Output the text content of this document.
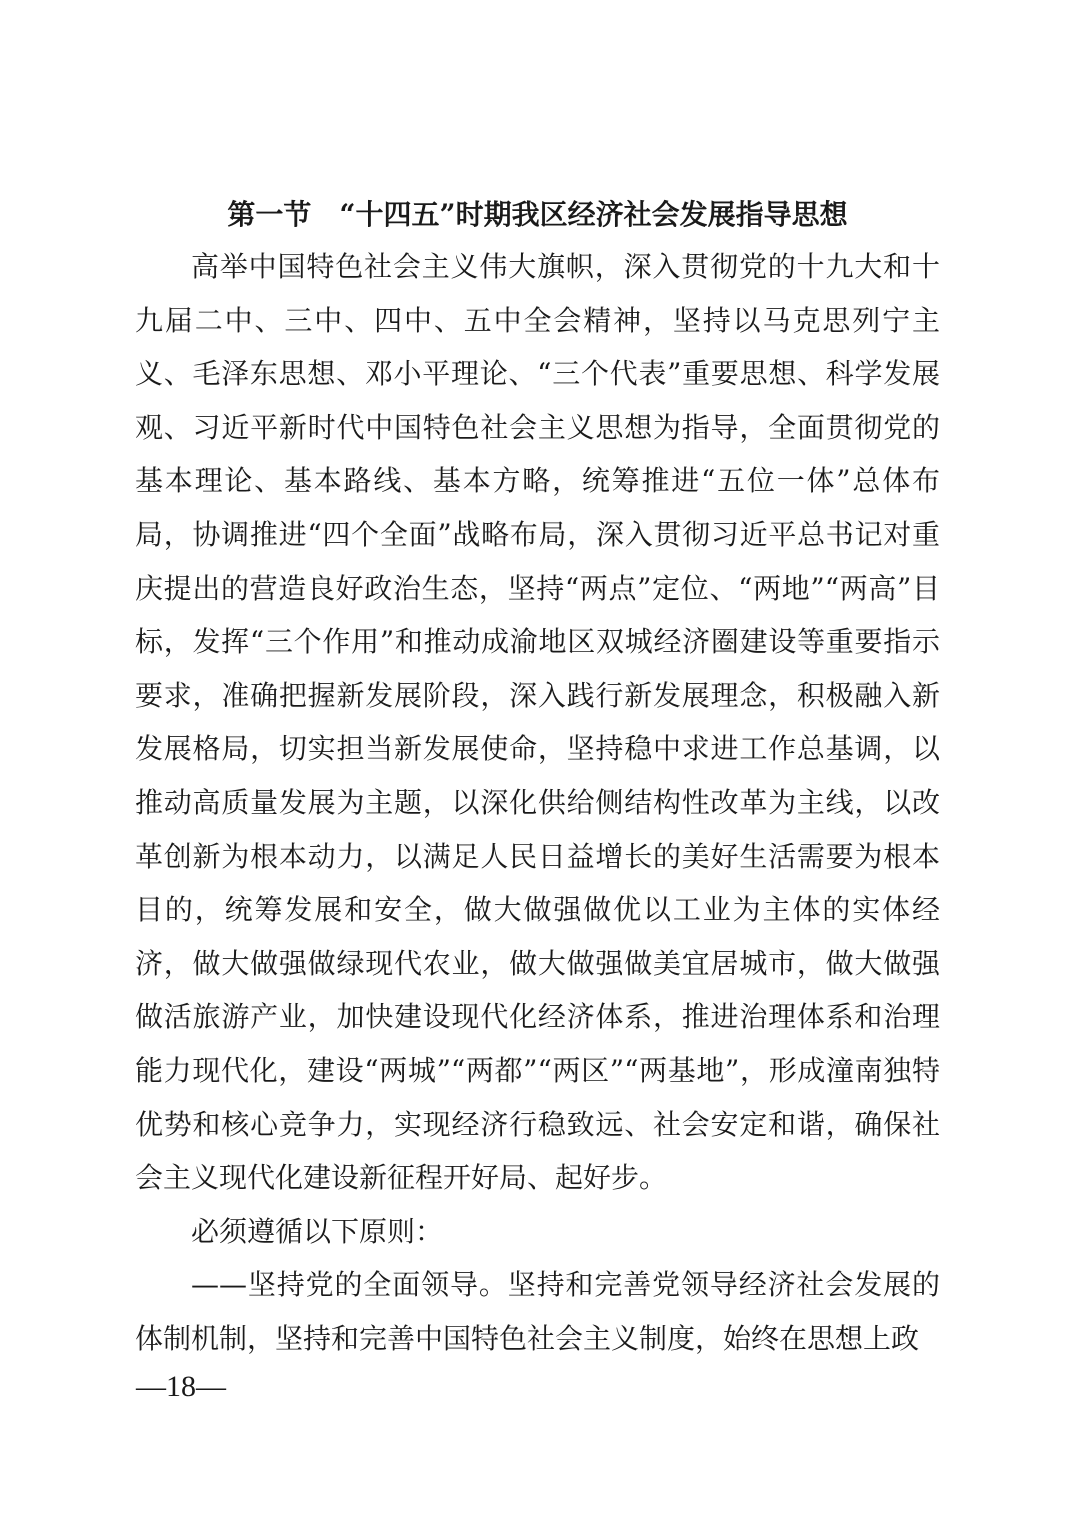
第一节　“十四五”时期我区经济社会发展指导思想

高举中国特色社会主义伟大旗帜，深入贯彻党的十九大和十九届二中、三中、四中、五中全会精神，坚持以马克思列宁主义、毛泽东思想、邓小平理论、“三个代表”重要思想、科学发展观、习近平新时代中国特色社会主义思想为指导，全面贯彻党的基本理论、基本路线、基本方略，统筹推进“五位一体”总体布局，协调推进“四个全面”战略布局，深入贯彻习近平总书记对重庆提出的营造良好政治生态，坚持“两点”定位、“两地”“两高”目标，发挥“三个作用”和推动成渝地区双城经济圈建设等重要指示要求，准确把握新发展阶段，深入践行新发展理念，积极融入新发展格局，切实担当新发展使命，坚持稳中求进工作总基调，以推动高质量发展为主题，以深化供给侧结构性改革为主线，以改革创新为根本动力，以满足人民日益增长的美好生活需要为根本目的，统筹发展和安全，做大做强做优以工业为主体的实体经济，做大做强做绿现代农业，做大做强做美宜居城市，做大做强做活旅游产业，加快建设现代化经济体系，推进治理体系和治理能力现代化，建设“两城”“两都”“两区”“两基地”，形成潼南独特优势和核心竞争力，实现经济行稳致远、社会安定和谐，确保社会主义现代化建设新征程开好局、起好步。

必须遵循以下原则：

——坚持党的全面领导。坚持和完善党领导经济社会发展的体制机制，坚持和完善中国特色社会主义制度，始终在思想上政

—18—
